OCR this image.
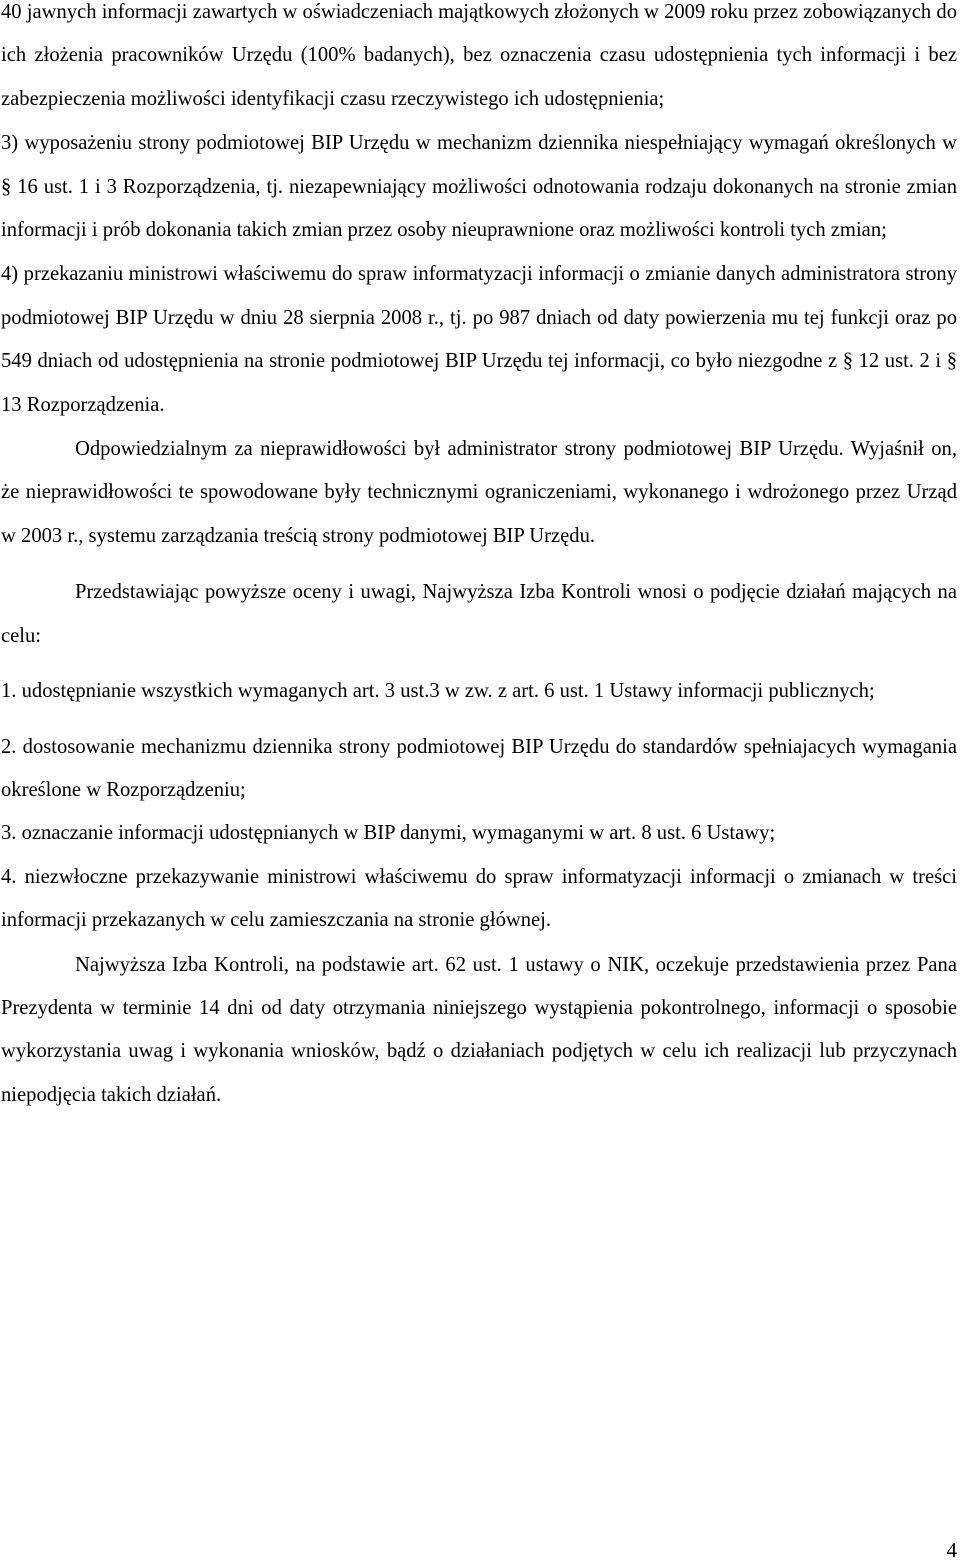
40 jawnych informacji zawartych w oświadczeniach majątkowych złożonych w 2009 roku przez zobowiązanych do ich złożenia pracowników Urzędu (100% badanych), bez oznaczenia czasu udostępnienia tych informacji i bez zabezpieczenia możliwości identyfikacji czasu rzeczywistego ich udostępnienia;

3) wyposażeniu strony podmiotowej BIP Urzędu w mechanizm dziennika niespełniający wymagań określonych w § 16 ust. 1 i 3 Rozporządzenia, tj. niezapewniający możliwości odnotowania rodzaju dokonanych na stronie zmian informacji i prób dokonania takich zmian przez osoby nieuprawnione oraz możliwości kontroli tych zmian;

4) przekazaniu ministrowi właściwemu do spraw informatyzacji informacji o zmianie danych administratora strony podmiotowej BIP Urzędu w dniu 28 sierpnia 2008 r., tj. po 987 dniach od daty powierzenia mu tej funkcji oraz po 549 dniach od udostępnienia na stronie podmiotowej BIP Urzędu tej informacji, co było niezgodne z § 12 ust. 2 i § 13 Rozporządzenia.

Odpowiedzialnym za nieprawidłowości był administrator strony podmiotowej BIP Urzędu. Wyjaśnił on, że nieprawidłowości te spowodowane były technicznymi ograniczeniami, wykonanego i wdrożonego przez Urząd w 2003 r., systemu zarządzania treścią strony podmiotowej BIP Urzędu.

Przedstawiając powyższe oceny i uwagi, Najwyższa Izba Kontroli wnosi o podjęcie działań mających na celu:

1. udostępnianie wszystkich wymaganych art. 3 ust.3 w zw. z art. 6 ust. 1 Ustawy informacji publicznych;

2. dostosowanie mechanizmu dziennika strony podmiotowej BIP Urzędu do standardów spełniajacych wymagania określone w Rozporządzeniu;

3. oznaczanie informacji udostępnianych w BIP danymi, wymaganymi w art. 8 ust. 6 Ustawy;

4. niezwłoczne przekazywanie ministrowi właściwemu do spraw informatyzacji informacji o zmianach w treści informacji przekazanych w celu zamieszczania na stronie głównej.

Najwyższa Izba Kontroli, na podstawie art. 62 ust. 1 ustawy o NIK, oczekuje przedstawienia przez Pana Prezydenta w terminie 14 dni od daty otrzymania niniejszego wystąpienia pokontrolnego, informacji o sposobie wykorzystania uwag i wykonania wniosków, bądź o działaniach podjętych w celu ich realizacji lub przyczynach niepodjęcia takich działań.

4
